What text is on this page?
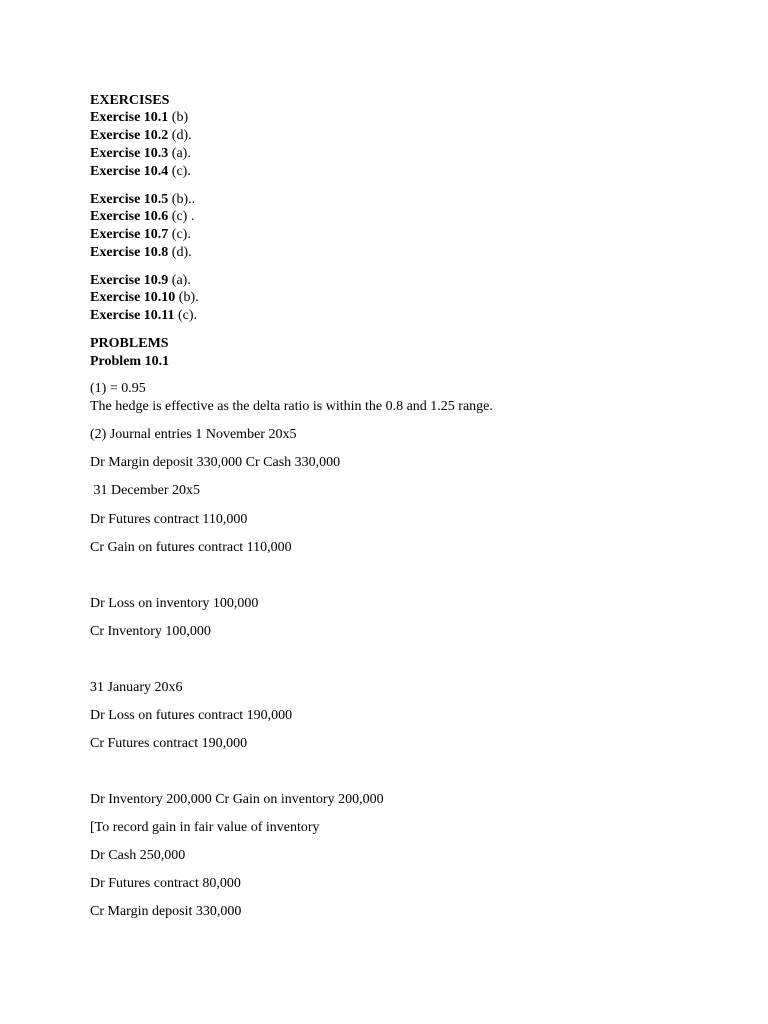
EXERCISES
Exercise 10.1 (b)
Exercise 10.2 (d).
Exercise 10.3 (a).
Exercise 10.4 (c).
Exercise 10.5 (b)..
Exercise 10.6 (c) .
Exercise 10.7 (c).
Exercise 10.8 (d).
Exercise 10.9 (a).
Exercise 10.10 (b).
Exercise 10.11 (c).
PROBLEMS
Problem 10.1
(1) = 0.95
The hedge is effective as the delta ratio is within the 0.8 and 1.25 range.
(2) Journal entries 1 November 20x5
Dr Margin deposit 330,000 Cr Cash 330,000
31 December 20x5
Dr Futures contract 110,000
Cr Gain on futures contract 110,000
Dr Loss on inventory 100,000
Cr Inventory 100,000
31 January 20x6
Dr Loss on futures contract 190,000
Cr Futures contract 190,000
Dr Inventory 200,000 Cr Gain on inventory 200,000
[To record gain in fair value of inventory
Dr Cash 250,000
Dr Futures contract 80,000
Cr Margin deposit 330,000
